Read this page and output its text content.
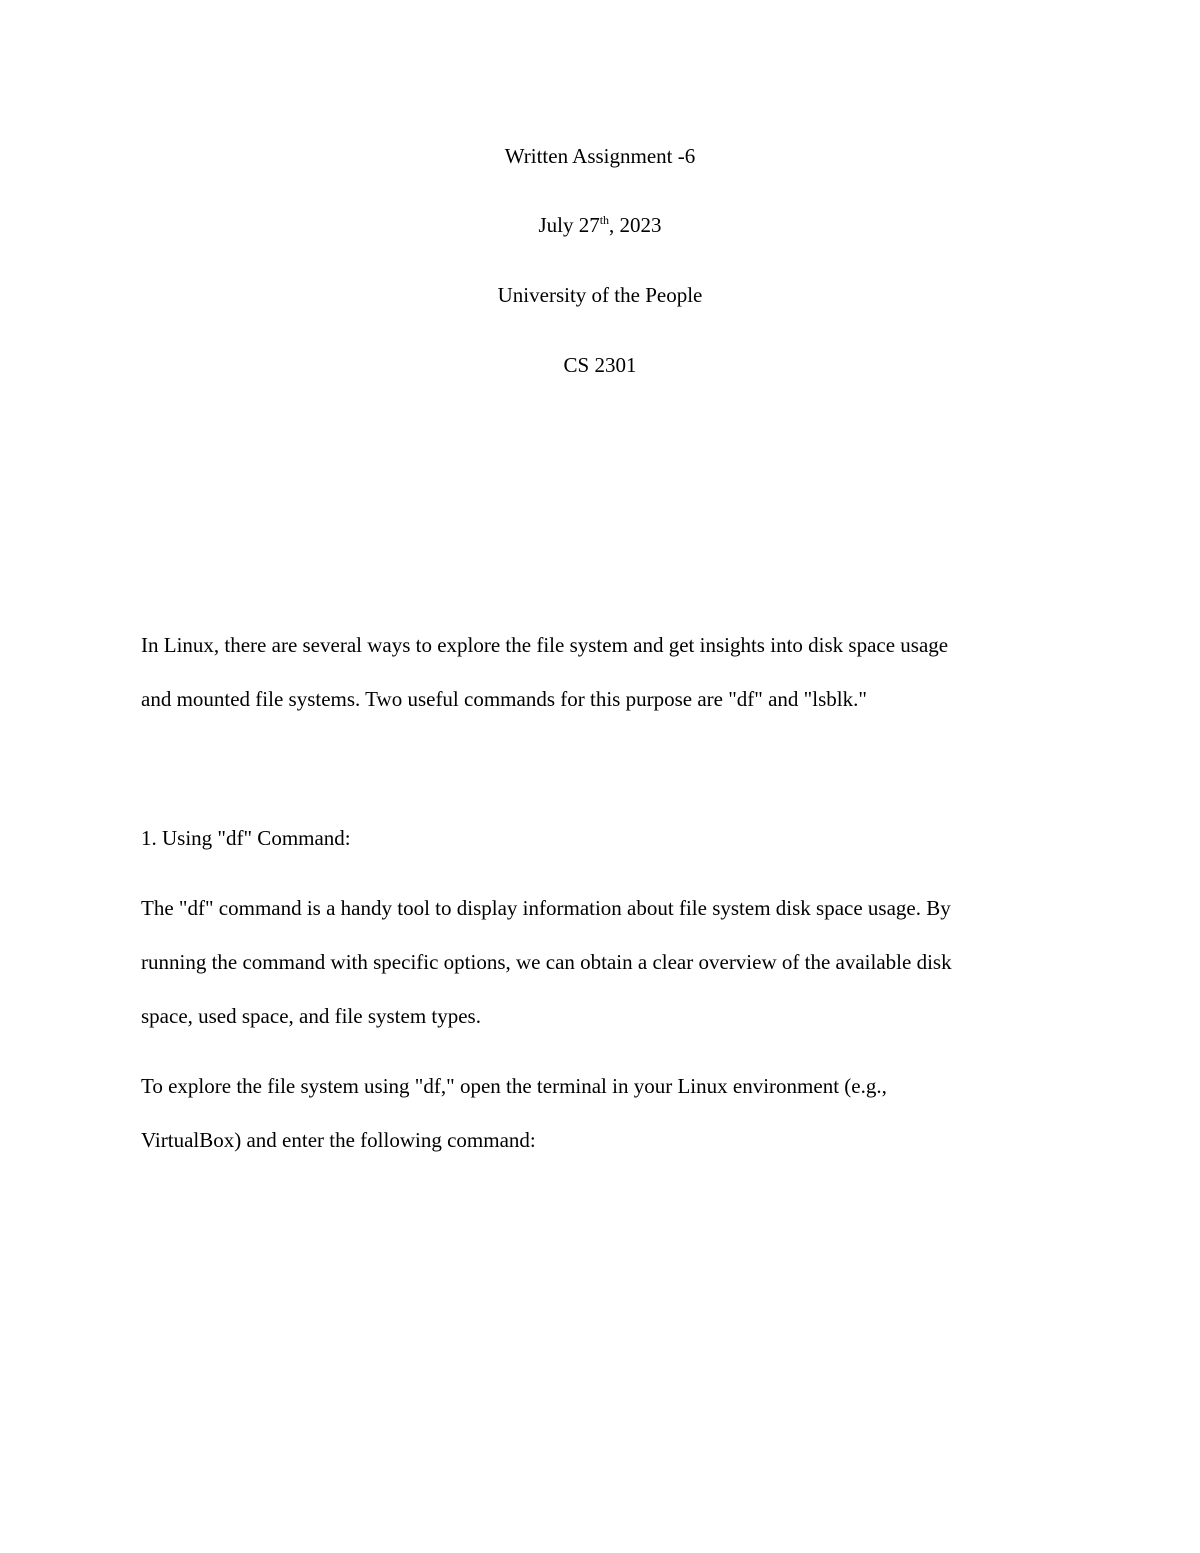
Written Assignment -6
July 27th, 2023
University of the People
CS 2301
In Linux, there are several ways to explore the file system and get insights into disk space usage
and mounted file systems. Two useful commands for this purpose are "df" and "lsblk."
1. Using "df" Command:
The "df" command is a handy tool to display information about file system disk space usage. By
running the command with specific options, we can obtain a clear overview of the available disk
space, used space, and file system types.
To explore the file system using "df," open the terminal in your Linux environment (e.g.,
VirtualBox) and enter the following command:
